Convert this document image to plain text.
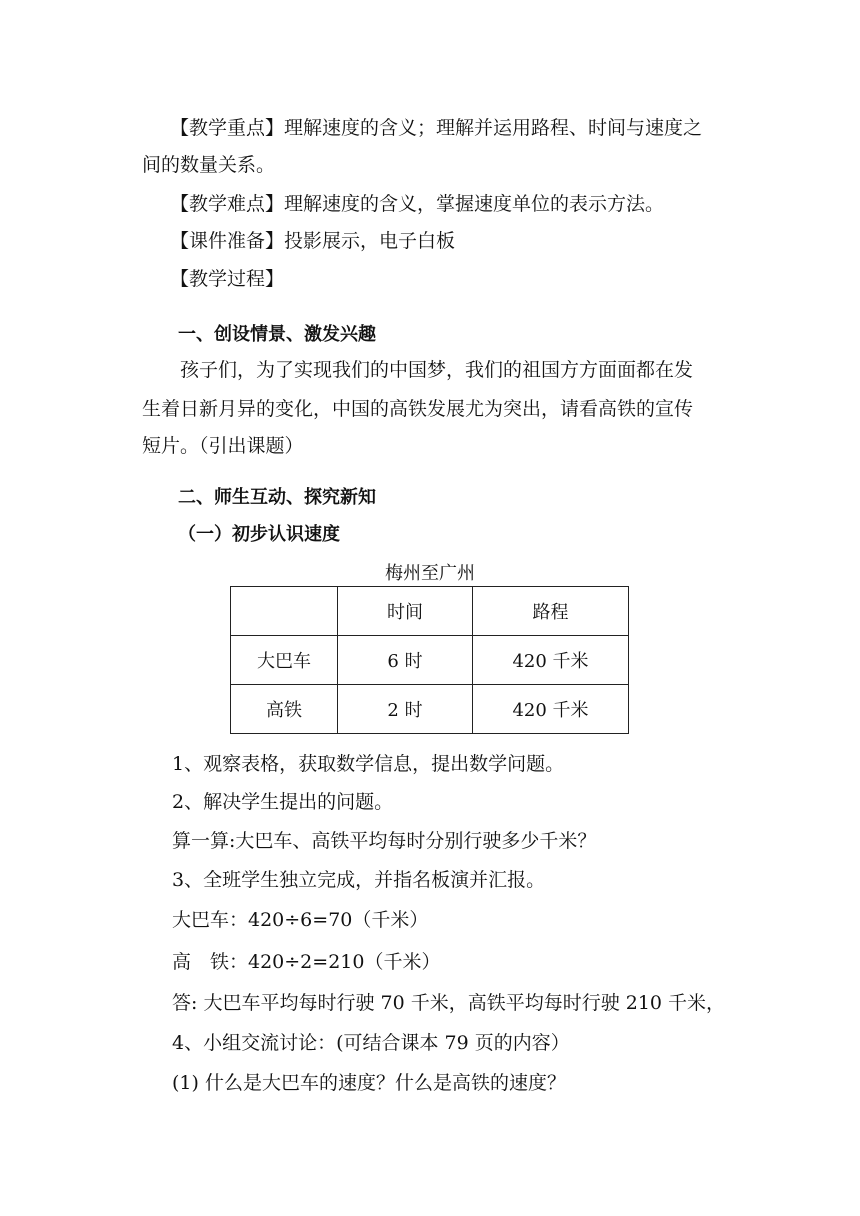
【教学重点】理解速度的含义；理解并运用路程、时间与速度之
间的数量关系。
【教学难点】理解速度的含义，掌握速度单位的表示方法。
【课件准备】投影展示，电子白板
【教学过程】
一、创设情景、激发兴趣
孩子们，为了实现我们的中国梦，我们的祖国方方面面都在发
生着日新月异的变化，中国的高铁发展尤为突出，请看高铁的宣传
短片。（引出课题）
二、师生互动、探究新知
（一）初步认识速度
梅州至广州
	时间	路程
大巴车	6 时	420 千米
高铁	2 时	420 千米
1、观察表格，获取数学信息，提出数学问题。
2、解决学生提出的问题。
算一算:大巴车、高铁平均每时分别行驶多少千米？
3、全班学生独立完成，并指名板演并汇报。
大巴车：420÷6=70（千米）
高　铁：420÷2=210（千米）
答: 大巴车平均每时行驶 70 千米，高铁平均每时行驶 210 千米，
4、小组交流讨论：(可结合课本 79 页的内容）
(1) 什么是大巴车的速度？什么是高铁的速度？
